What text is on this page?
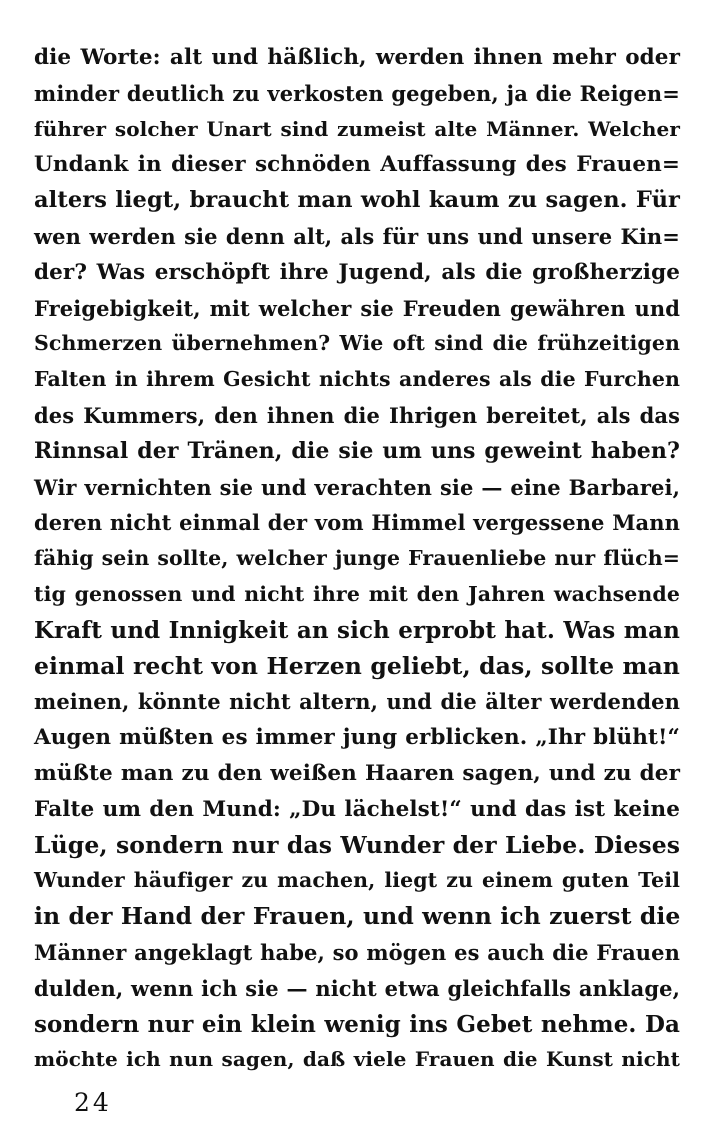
die Worte: alt und häßlich, werden ihnen mehr oder
minder deutlich zu verkosten gegeben, ja die Reigen=
führer solcher Unart sind zumeist alte Männer. Welcher
Undank in dieser schnöden Auffassung des Frauen=
alters liegt, braucht man wohl kaum zu sagen. Für
wen werden sie denn alt, als für uns und unsere Kin=
der? Was erschöpft ihre Jugend, als die großherzige
Freigebigkeit, mit welcher sie Freuden gewähren und
Schmerzen übernehmen? Wie oft sind die frühzeitigen
Falten in ihrem Gesicht nichts anderes als die Furchen
des Kummers, den ihnen die Ihrigen bereitet, als das
Rinnsal der Tränen, die sie um uns geweint haben?
Wir vernichten sie und verachten sie — eine Barbarei,
deren nicht einmal der vom Himmel vergessene Mann
fähig sein sollte, welcher junge Frauenliebe nur flüch=
tig genossen und nicht ihre mit den Jahren wachsende
Kraft und Innigkeit an sich erprobt hat. Was man
einmal recht von Herzen geliebt, das, sollte man
meinen, könnte nicht altern, und die älter werdenden
Augen müßten es immer jung erblicken. „Ihr blüht!“
müßte man zu den weißen Haaren sagen, und zu der
Falte um den Mund: „Du lächelst!“ und das ist keine
Lüge, sondern nur das Wunder der Liebe. Dieses
Wunder häufiger zu machen, liegt zu einem guten Teil
in der Hand der Frauen, und wenn ich zuerst die
Männer angeklagt habe, so mögen es auch die Frauen
dulden, wenn ich sie — nicht etwa gleichfalls anklage,
sondern nur ein klein wenig ins Gebet nehme. Da
möchte ich nun sagen, daß viele Frauen die Kunst nicht
24
